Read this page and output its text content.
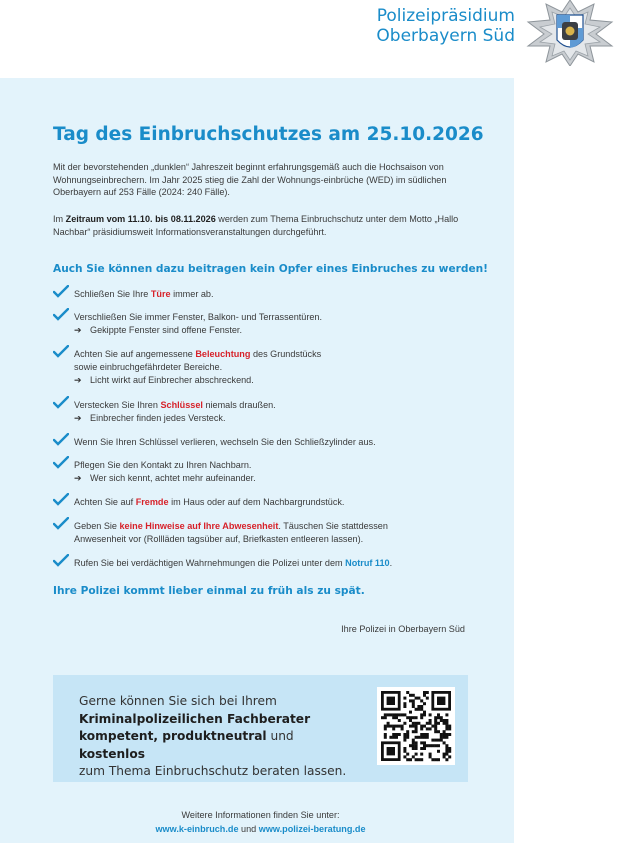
Polizeipräsidium
Oberbayern Süd
Tag des Einbruchschutzes am 25.10.2026

Mit der bevorstehenden „dunklen“ Jahreszeit beginnt erfahrungsgemäß auch die Hochsaison von Wohnungseinbrechern. Im Jahr 2025 stieg die Zahl der Wohnungs-einbrüche (WED) im südlichen Oberbayern auf 253 Fälle (2024: 240 Fälle).

Im Zeitraum vom 11.10. bis 08.11.2026 werden zum Thema Einbruchschutz unter dem Motto „Hallo Nachbar“ präsidiumsweit Informationsveranstaltungen durchgeführt.

Auch Sie können dazu beitragen kein Opfer eines Einbruches zu werden!
Schließen Sie Ihre Türe immer ab.
Verschließen Sie immer Fenster, Balkon- und Terrassentüren.
➔ Gekippte Fenster sind offene Fenster.
Achten Sie auf angemessene Beleuchtung des Grundstücks
sowie einbruchgefährdeter Bereiche.
➔ Licht wirkt auf Einbrecher abschreckend.
Verstecken Sie Ihren Schlüssel niemals draußen.
➔ Einbrecher finden jedes Versteck.
Wenn Sie Ihren Schlüssel verlieren, wechseln Sie den Schließzylinder aus.
Pflegen Sie den Kontakt zu Ihren Nachbarn.
➔ Wer sich kennt, achtet mehr aufeinander.
Achten Sie auf Fremde im Haus oder auf dem Nachbargrundstück.
Geben Sie keine Hinweise auf Ihre Abwesenheit. Täuschen Sie stattdessen
Anwesenheit vor (Rollläden tagsüber auf, Briefkasten entleeren lassen).
Rufen Sie bei verdächtigen Wahrnehmungen die Polizei unter dem Notruf 110.
Ihre Polizei kommt lieber einmal zu früh als zu spät.
Ihre Polizei in Oberbayern Süd
Gerne können Sie sich bei Ihrem
Kriminalpolizeilichen Fachberater
kompetent, produktneutral und kostenlos
zum Thema Einbruchschutz beraten lassen.
Weitere Informationen finden Sie unter:
www.k-einbruch.de und www.polizei-beratung.de
